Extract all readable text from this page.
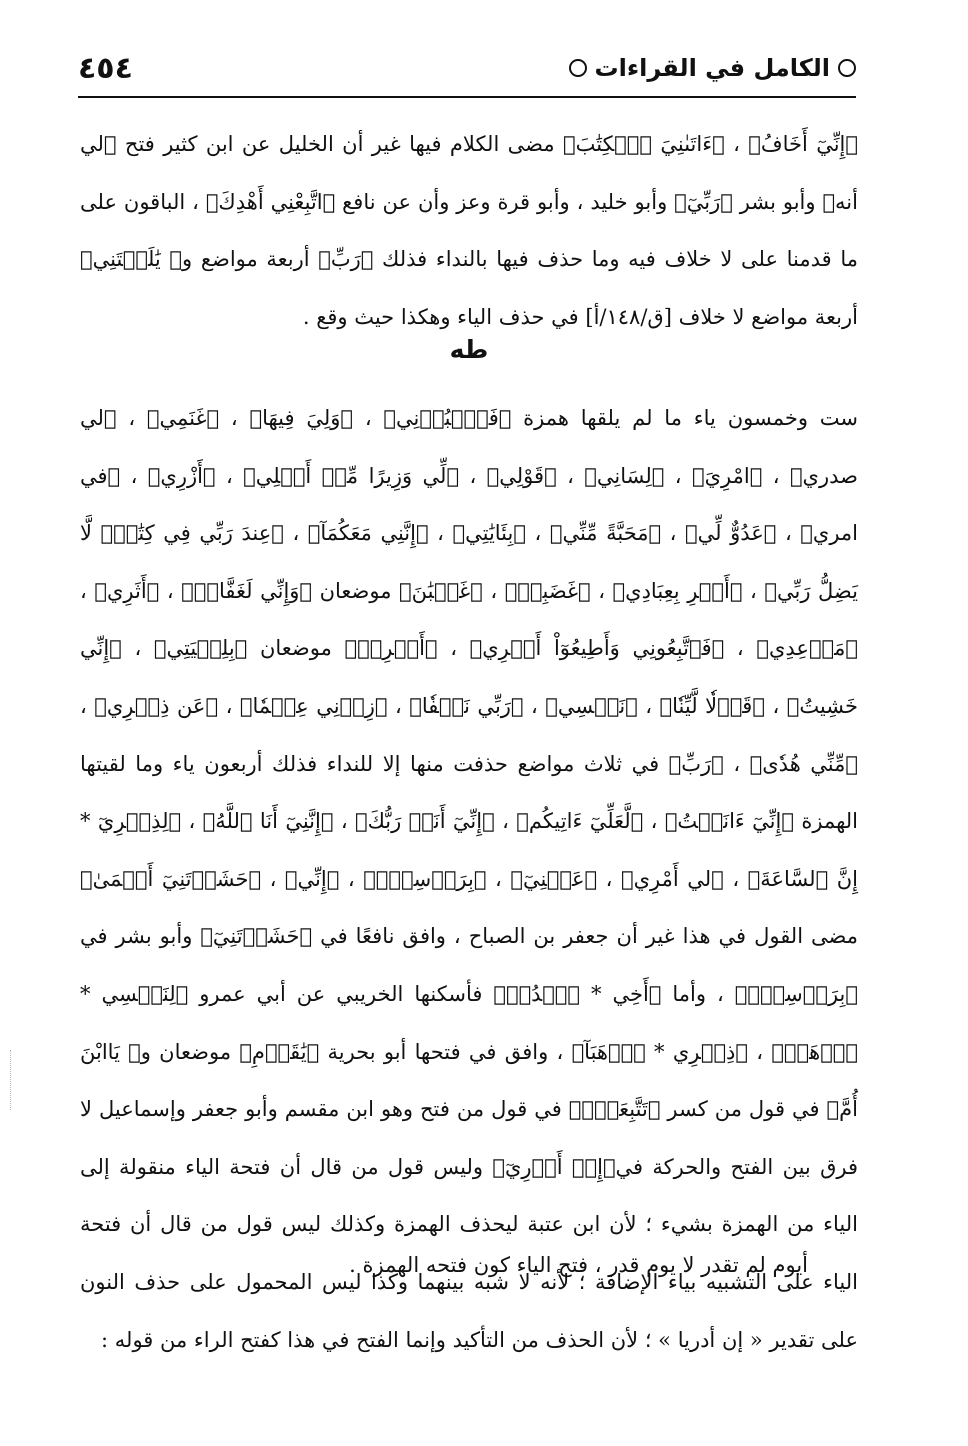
الكامل في القراءات
٤٥٤

﴿إِنِّيٓ أَخَافُ﴾ ، ﴿ءَاتَىٰنِيَ ٱلۡكِتَٰبَ﴾ مضى الكلام فيها غير أن الخليل عن ابن كثير فتح ﴿لي أنه﴾ وأبو بشر ﴿رَبِّيٓ﴾ وأبو خليد ، وأبو قرة وعز وأن عن نافع ﴿اتَّبِعْنِي أَهْدِكَ﴾ ، الباقون على ما قدمنا على لا خلاف فيه وما حذف فيها بالنداء فذلك ﴿رَبِّ﴾ أربعة مواضع و﴿ يَٰلَيۡتَنِي﴾ أربعة مواضع لا خلاف [ق/١٤٨/أ] في حذف الياء وهكذا حيث وقع .

طه

ست وخمسون ياء ما لم يلقها همزة ﴿فَٱعۡبُدۡنِي﴾ ، ﴿وَلِيَ فِيهَا﴾ ، ﴿غَنَمِي﴾ ، ﴿لي صدري﴾ ، ﴿امْرِيَ﴾ ، ﴿لِسَانِي﴾ ، ﴿قَوْلِي﴾ ، ﴿لِّي وَزِيرًا مِّنۡ أَهۡلِي﴾ ، ﴿أَزْرِي﴾ ، ﴿في امري﴾ ، ﴿عَدُوٌّ لِّي﴾ ، ﴿مَحَبَّةً مِّنِّي﴾ ، ﴿بِئَايَٰتِي﴾ ، ﴿إِنَّنِي مَعَكُمَآ﴾ ، ﴿عِندَ رَبِّي فِي كِتَٰبٖۖ لَّا يَضِلُّ رَبِّي﴾ ، ﴿أَسۡرِ بِعِبَادِي﴾ ، ﴿غَضَبِيۖ﴾ ، ﴿غَضۡبَٰنَ﴾ موضعان ﴿وَإِنِّي لَغَفَّارٞ﴾ ، ﴿أَثَرِي﴾ ، ﴿مَوۡعِدِي﴾ ، ﴿فَٱتَّبِعُونِي وَأَطِيعُوٓاْ أَمۡرِي﴾ ، ﴿أَمۡرِيۚ﴾ موضعان ﴿بِلِحۡيَتِي﴾ ، ﴿إِنِّي خَشِيتُ﴾ ، ﴿قَوۡلٗا لَّيِّنٗا﴾ ، ﴿نَفۡسِي﴾ ، ﴿رَبِّي نَسۡفٗا﴾ ، ﴿زِدۡنِي عِلۡمٗا﴾ ، ﴿عَن ذِكۡرِي﴾ ، ﴿مِّنِّي هُدٗى﴾ ، ﴿رَبِّ﴾ في ثلاث مواضع حذفت منها إلا للنداء فذلك أربعون ياء وما لقيتها الهمزة ﴿إِنِّيٓ ءَانَسۡتُ﴾ ، ﴿لَّعَلِّيٓ ءَاتِيكُم﴾ ، ﴿إِنِّيٓ أَنَا۠ رَبُّكَ﴾ ، ﴿إِنَّنِيٓ أَنَا ٱللَّهُ﴾ ، ﴿لِذِكۡرِيٓ * إِنَّ ٱلسَّاعَةَ﴾ ، ﴿لي أَمْرِي﴾ ، ﴿عَيۡنِيٓ﴾ ، ﴿بِرَأۡسِيٓۖ﴾ ، ﴿إِنِّي﴾ ، ﴿حَشَرۡتَنِيٓ أَعۡمَىٰ﴾ مضى القول في هذا غير أن جعفر بن الصباح ، وافق نافعًا في ﴿حَشَرۡتَنِيٓ﴾ وأبو بشر في ﴿بِرَأۡسِيٓۖ﴾ ، وأما ﴿أَخِي * ٱشۡدُدۡ﴾ فأسكنها الخريبي عن أبي عمرو ﴿لِنَفۡسِي * ٱذۡهَبۡ﴾ ، ﴿ذِكۡرِي * ٱذۡهَبَآ﴾ ، وافق في فتحها أبو بحرية ﴿يَٰقَوۡمِ﴾ موضعان و﴿ يَاابْنَ أُمَّ﴾ في قول من كسر ﴿تَتَّبِعَنِۖ﴾ في قول من فتح وهو ابن مقسم وأبو جعفر وإسماعيل لا فرق بين الفتح والحركة في﴿إِنۡ أَدۡرِيٓ﴾ وليس قول من قال أن فتحة الياء منقولة إلى الياء من الهمزة بشيء ؛ لأن ابن عتبة ليحذف الهمزة وكذلك ليس قول من قال أن فتحة الياء على التشبيه بياء الإضافة ؛ لأنه لا شبه بينهما وكذا ليس المحمول على حذف النون على تقدير « إن أدريا » ؛ لأن الحذف من التأكيد وإنما الفتح في هذا كفتح الراء من قوله :

أيوم لم تقدر لا يوم قدر ، فتح الياء كون فتحه الهمزة .
